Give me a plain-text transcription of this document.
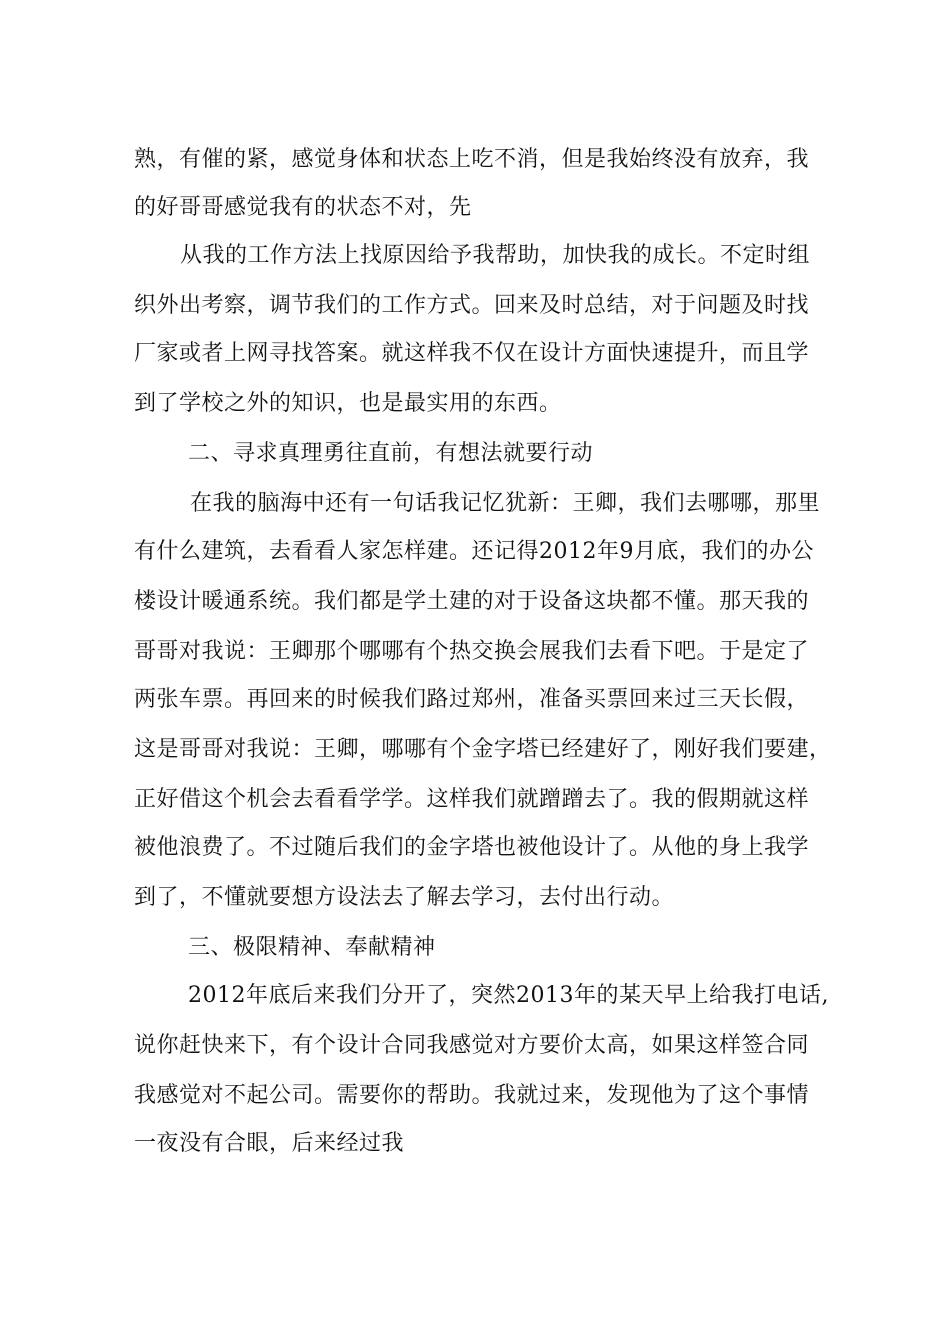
熟，有催的紧，感觉身体和状态上吃不消，但是我始终没有放弃，我
的好哥哥感觉我有的状态不对，先
从我的工作方法上找原因给予我帮助，加快我的成长。不定时组
织外出考察，调节我们的工作方式。回来及时总结，对于问题及时找
厂家或者上网寻找答案。就这样我不仅在设计方面快速提升，而且学
到了学校之外的知识，也是最实用的东西。
二、寻求真理勇往直前，有想法就要行动
在我的脑海中还有一句话我记忆犹新：王卿，我们去哪哪，那里
有什么建筑，去看看人家怎样建。还记得2012年9月底，我们的办公
楼设计暖通系统。我们都是学土建的对于设备这块都不懂。那天我的
哥哥对我说：王卿那个哪哪有个热交换会展我们去看下吧。于是定了
两张车票。再回来的时候我们路过郑州，准备买票回来过三天长假，
这是哥哥对我说：王卿，哪哪有个金字塔已经建好了，刚好我们要建，
正好借这个机会去看看学学。这样我们就蹭蹭去了。我的假期就这样
被他浪费了。不过随后我们的金字塔也被他设计了。从他的身上我学
到了，不懂就要想方设法去了解去学习，去付出行动。
三、极限精神、奉献精神
2012年底后来我们分开了，突然2013年的某天早上给我打电话,
说你赶快来下，有个设计合同我感觉对方要价太高，如果这样签合同
我感觉对不起公司。需要你的帮助。我就过来，发现他为了这个事情
一夜没有合眼，后来经过我
